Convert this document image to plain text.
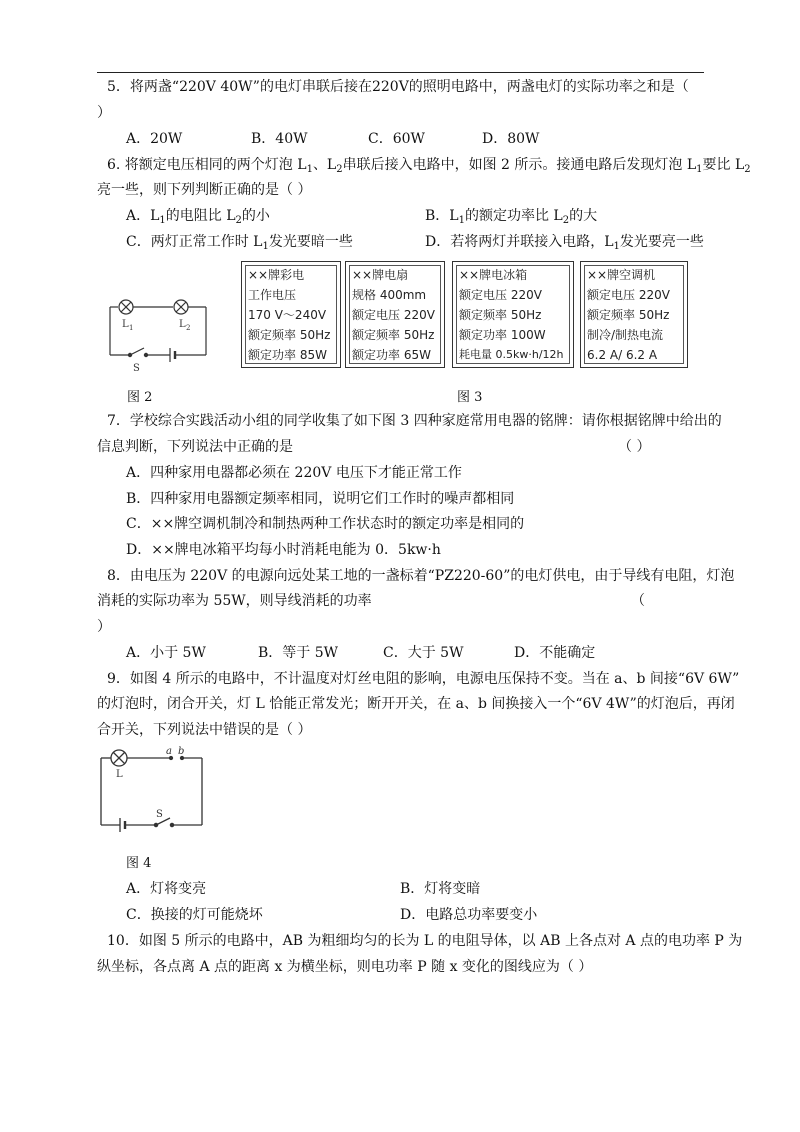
5．将两盏“220V 40W”的电灯串联后接在220V的照明电路中，两盏电灯的实际功率之和是（
）
A．20W	B．40W	C．60W	D．80W
6. 将额定电压相同的两个灯泡 $L_1$、$L_2$串联后接入电路中，如图 2 所示。接通电路后发现灯泡 $L_1$要比 $L_2$
亮一些，则下列判断正确的是（ ）
A．$L_1$的电阻比 $L_2$的小	B．$L_1$的额定功率比 $L_2$的大
C．两灯正常工作时 $L_1$发光要暗一些	D．若将两灯并联接入电路，$L_1$发光要亮一些
L 1	L 2
S
图 2
××牌彩电
工作电压
170 V～240V
额定频率 50Hz
额定功率 85W
××牌电扇
规格 400mm
额定电压 220V
额定频率 50Hz
额定功率 65W
××牌电冰箱
额定电压 220V
额定频率 50Hz
额定功率 100W
耗电量 0.5kw·h/12h
××牌空调机
额定电压 220V
额定频率 50Hz
制冷/制热电流
6.2 A/ 6.2 A
图 3
7．学校综合实践活动小组的同学收集了如下图 3 四种家庭常用电器的铭牌：请你根据铭牌中给出的
信息判断，下列说法中正确的是	（ ）
A．四种家用电器都必须在 220V 电压下才能正常工作
B．四种家用电器额定频率相同，说明它们工作时的噪声都相同
C．××牌空调机制冷和制热两种工作状态时的额定功率是相同的
D．××牌电冰箱平均每小时消耗电能为 0．5kw·h
8．由电压为 220V 的电源向远处某工地的一盏标着“PZ220-60”的电灯供电，由于导线有电阻，灯泡
消耗的实际功率为 55W，则导线消耗的功率	（
）
A．小于 5W	B．等于 5W	C．大于 5W	D．不能确定
9．如图 4 所示的电路中，不计温度对灯丝电阻的影响，电源电压保持不变。当在 a、b 间接“6V 6W”
的灯泡时，闭合开关，灯 L 恰能正常发光；断开开关，在 a、b 间换接入一个“6V 4W”的灯泡后，再闭
合开关，下列说法中错误的是（ ）
a b
L
S
图 4
A．灯将变亮	B．灯将变暗
C．换接的灯可能烧坏	D．电路总功率要变小
10．如图 5 所示的电路中，AB 为粗细均匀的长为 L 的电阻导体，以 AB 上各点对 A 点的电功率 P 为
纵坐标，各点离 A 点的距离 x 为横坐标，则电功率 P 随 x 变化的图线应为（ ）
